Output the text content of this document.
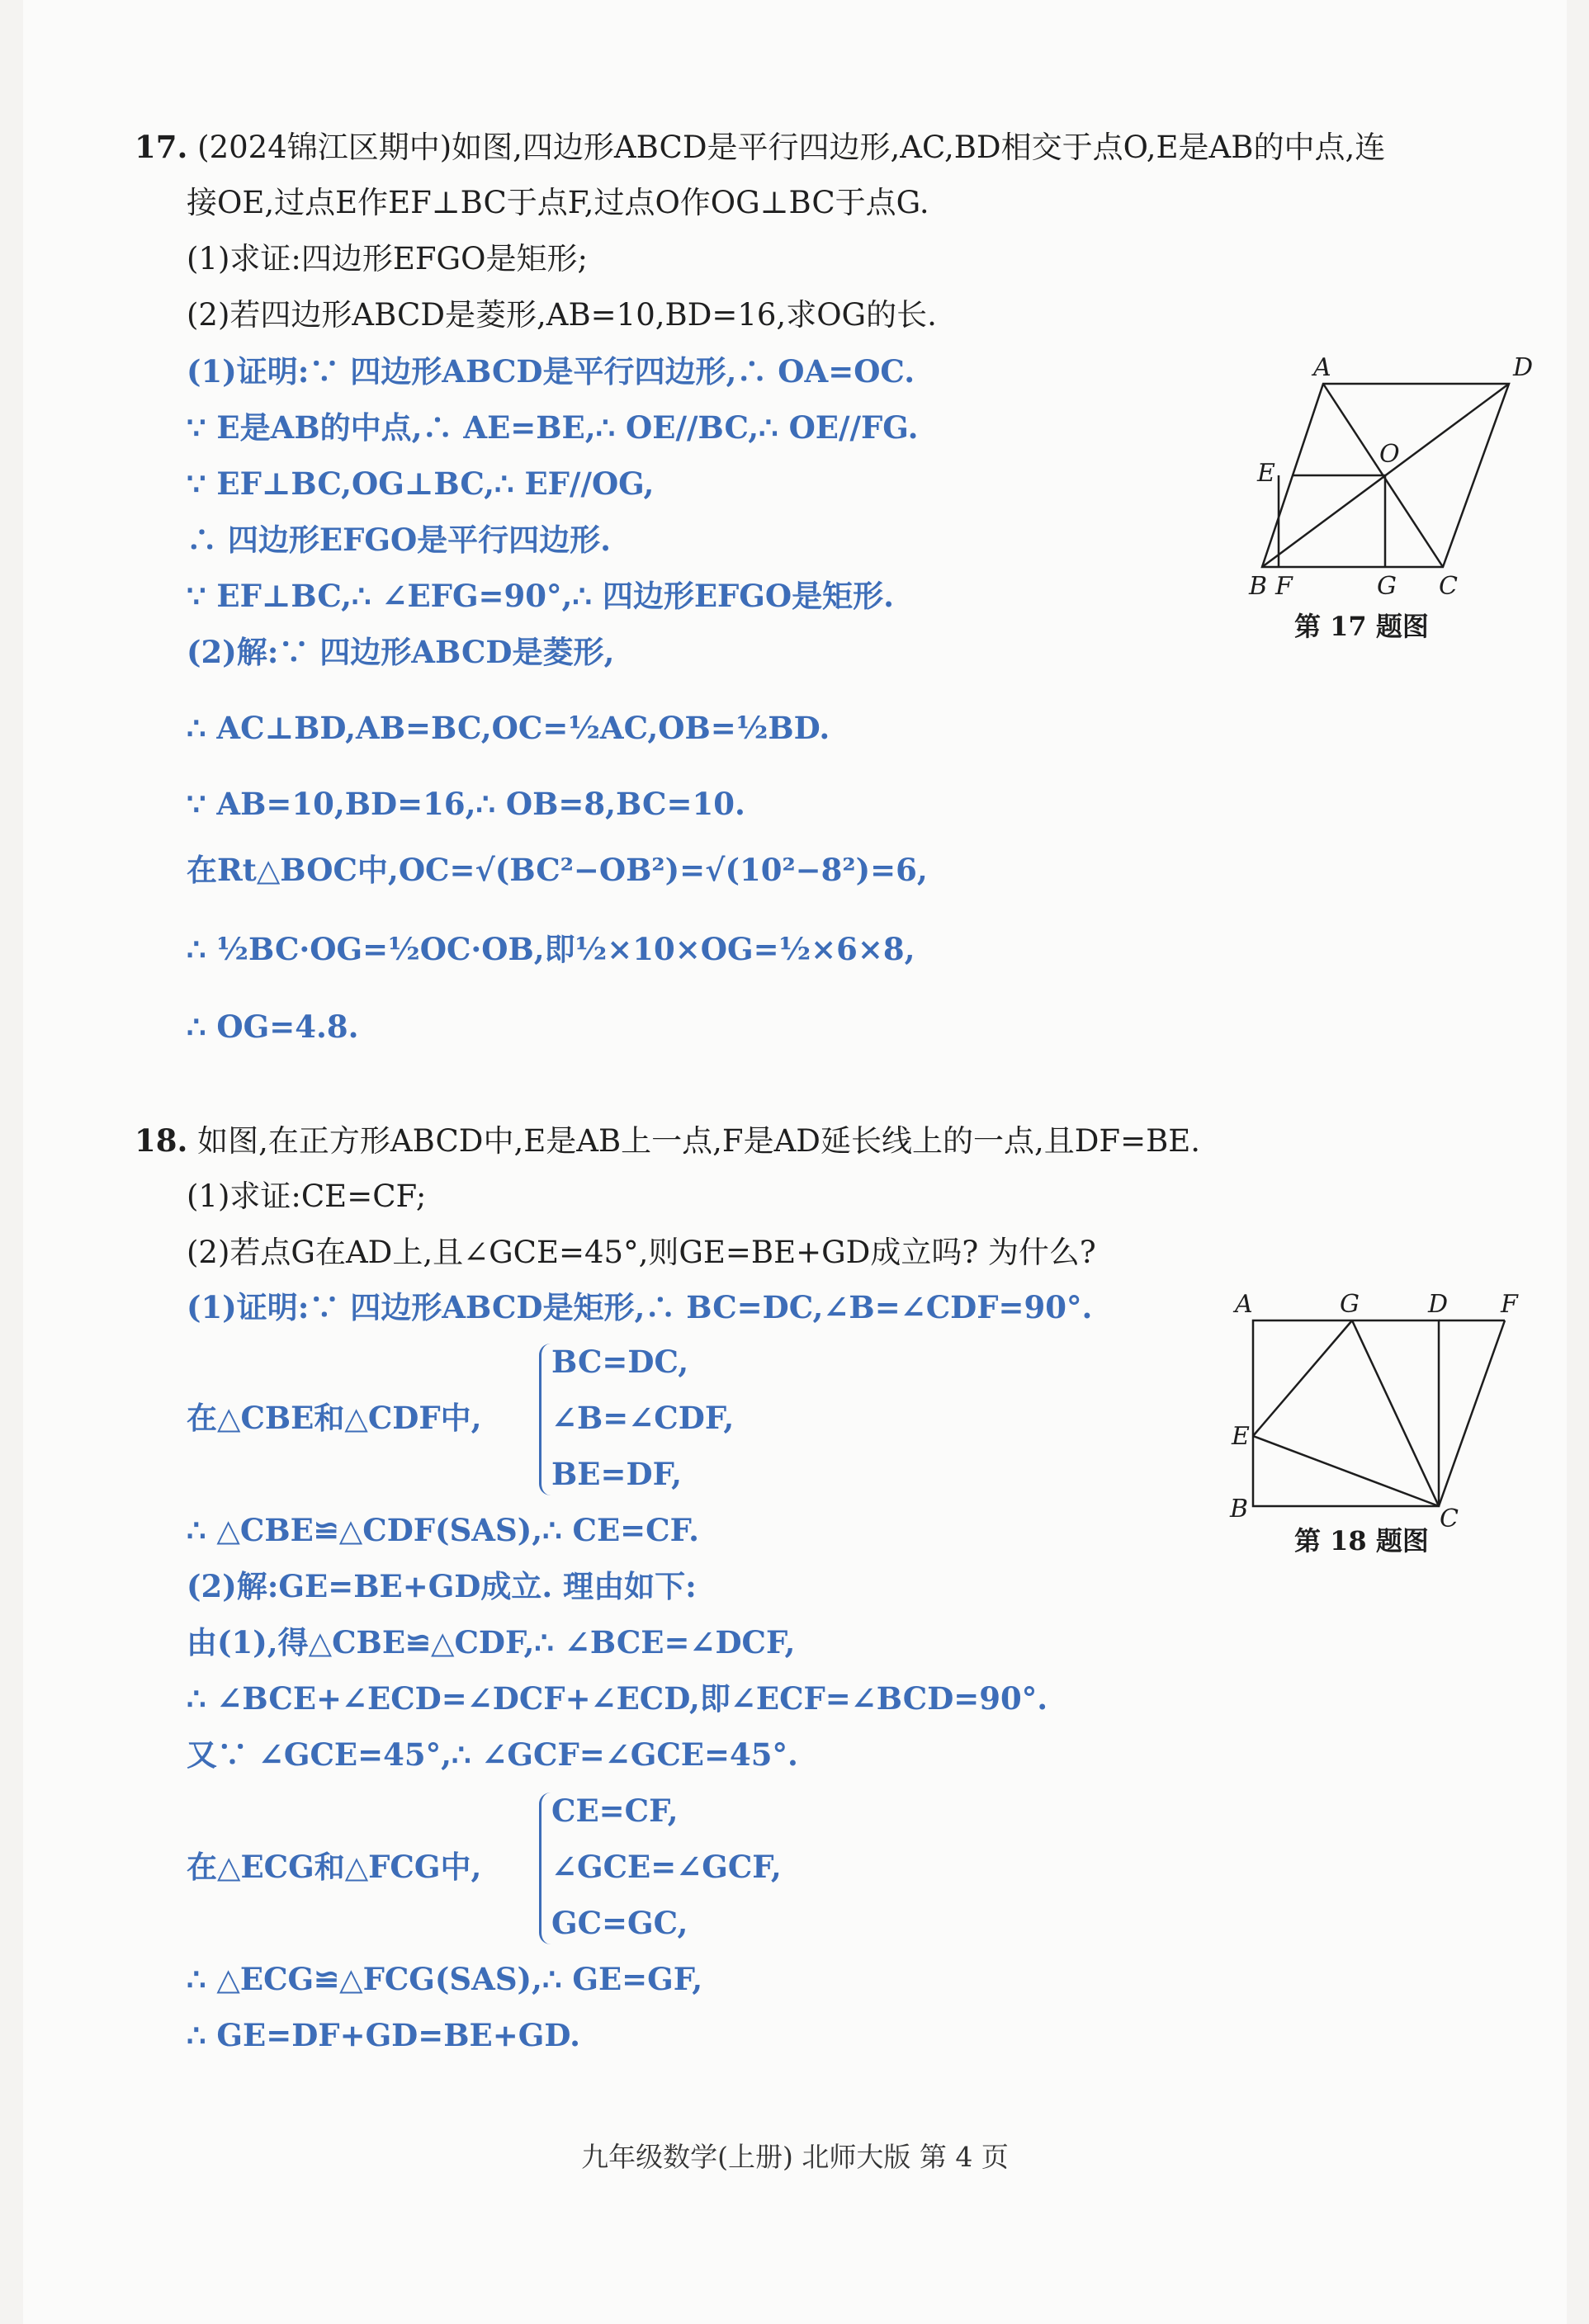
17. (2024锦江区期中)如图,四边形ABCD是平行四边形,AC,BD相交于点O,E是AB的中点,连
接OE,过点E作EF⊥BC于点F,过点O作OG⊥BC于点G.
(1)求证:四边形EFGO是矩形;
(2)若四边形ABCD是菱形,AB=10,BD=16,求OG的长.
(1)证明:∵ 四边形ABCD是平行四边形,∴ OA=OC.
∵ E是AB的中点,∴ AE=BE,∴ OE//BC,∴ OE//FG.
∵ EF⊥BC,OG⊥BC,∴ EF//OG,
∴ 四边形EFGO是平行四边形.
∵ EF⊥BC,∴ ∠EFG=90°,∴ 四边形EFGO是矩形.
(2)解:∵ 四边形ABCD是菱形,
∴ AC⊥BD,AB=BC,OC=½AC,OB=½BD.
∵ AB=10,BD=16,∴ OB=8,BC=10.
在Rt△BOC中,OC=√(BC²−OB²)=√(10²−8²)=6,
∴ ½BC·OG=½OC·OB,即½×10×OG=½×6×8,
∴ OG=4.8.
A	D
E
O
B F	G C
第 17 题图
18. 如图,在正方形ABCD中,E是AB上一点,F是AD延长线上的一点,且DF=BE.
(1)求证:CE=CF;
(2)若点G在AD上,且∠GCE=45°,则GE=BE+GD成立吗? 为什么?
(1)证明:∵ 四边形ABCD是矩形,∴ BC=DC,∠B=∠CDF=90°.
在△CBE和△CDF中,
BC=DC,
∠B=∠CDF,
BE=DF,
∴ △CBE≌△CDF(SAS),∴ CE=CF.
(2)解:GE=BE+GD成立. 理由如下:
由(1),得△CBE≌△CDF,∴ ∠BCE=∠DCF,
∴ ∠BCE+∠ECD=∠DCF+∠ECD,即∠ECF=∠BCD=90°.
又∵ ∠GCE=45°,∴ ∠GCF=∠GCE=45°.
在△ECG和△FCG中,
CE=CF,
∠GCE=∠GCF,
GC=GC,
∴ △ECG≌△FCG(SAS),∴ GE=GF,
∴ GE=DF+GD=BE+GD.
A	G	D F
E
B	C
第 18 题图
九年级数学(上册) 北师大版 第 4 页
